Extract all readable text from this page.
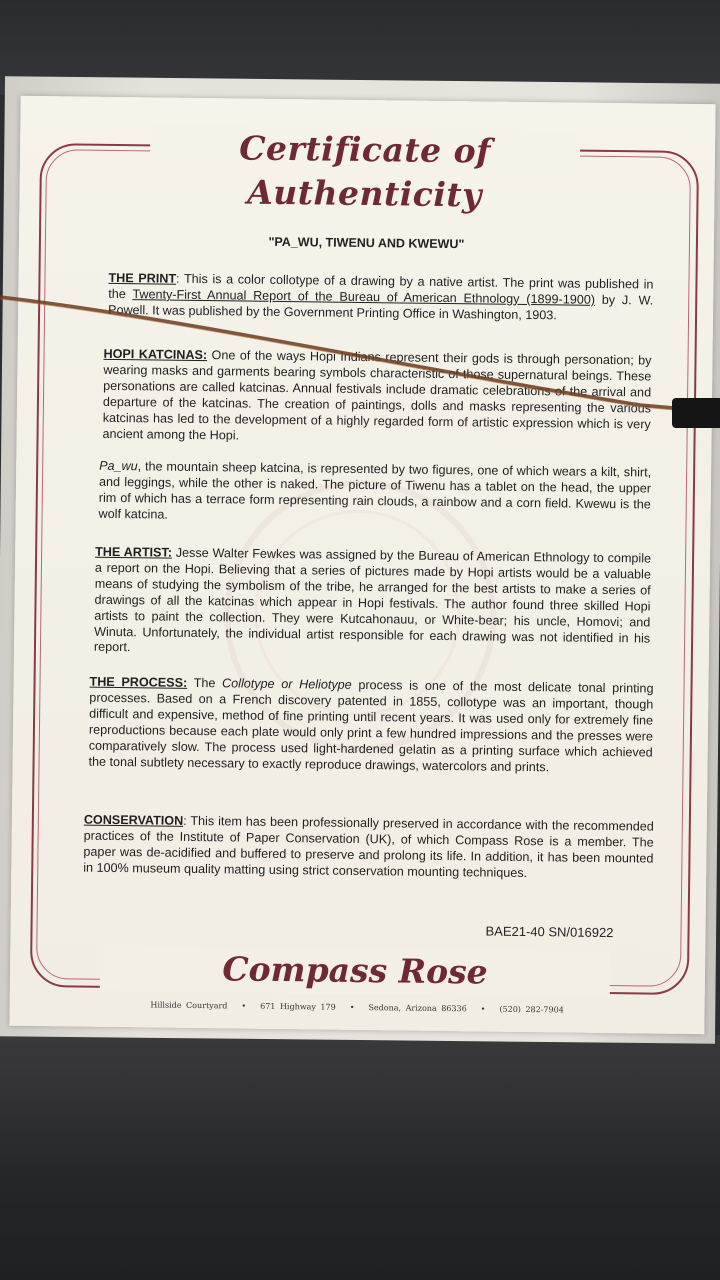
Certificate of Authenticity
"PA_WU, TIWENU AND KWEWU"

THE PRINT: This is a color collotype of a drawing by a native artist. The print was published in the Twenty-First Annual Report of the Bureau of American Ethnology (1899-1900) by J. W. Powell. It was published by the Government Printing Office in Washington, 1903.

HOPI KATCINAS: One of the ways Hopi Indians represent their gods is through personation; by wearing masks and garments bearing symbols characteristic of those supernatural beings. These personations are called katcinas. Annual festivals include dramatic celebrations of the arrival and departure of the katcinas. The creation of paintings, dolls and masks representing the various katcinas has led to the development of a highly regarded form of artistic expression which is very ancient among the Hopi.

Pa_wu, the mountain sheep katcina, is represented by two figures, one of which wears a kilt, shirt, and leggings, while the other is naked. The picture of Tiwenu has a tablet on the head, the upper rim of which has a terrace form representing rain clouds, a rainbow and a corn field. Kwewu is the wolf katcina.

THE ARTIST: Jesse Walter Fewkes was assigned by the Bureau of American Ethnology to compile a report on the Hopi. Believing that a series of pictures made by Hopi artists would be a valuable means of studying the symbolism of the tribe, he arranged for the best artists to make a series of drawings of all the katcinas which appear in Hopi festivals. The author found three skilled Hopi artists to paint the collection. They were Kutcahonauu, or White-bear; his uncle, Homovi; and Winuta. Unfortunately, the individual artist responsible for each drawing was not identified in his report.

THE PROCESS: The Collotype or Heliotype process is one of the most delicate tonal printing processes. Based on a French discovery patented in 1855, collotype was an important, though difficult and expensive, method of fine printing until recent years. It was used only for extremely fine reproductions because each plate would only print a few hundred impressions and the presses were comparatively slow. The process used light-hardened gelatin as a printing surface which achieved the tonal subtlety necessary to exactly reproduce drawings, watercolors and prints.

CONSERVATION: This item has been professionally preserved in accordance with the recommended practices of the Institute of Paper Conservation (UK), of which Compass Rose is a member. The paper was de-acidified and buffered to preserve and prolong its life. In addition, it has been mounted in 100% museum quality matting using strict conservation mounting techniques.

BAE21-40 SN/016922
Compass Rose
Hillside Courtyard • 671 Highway 179 • Sedona, Arizona 86336 • (520) 282-7904
